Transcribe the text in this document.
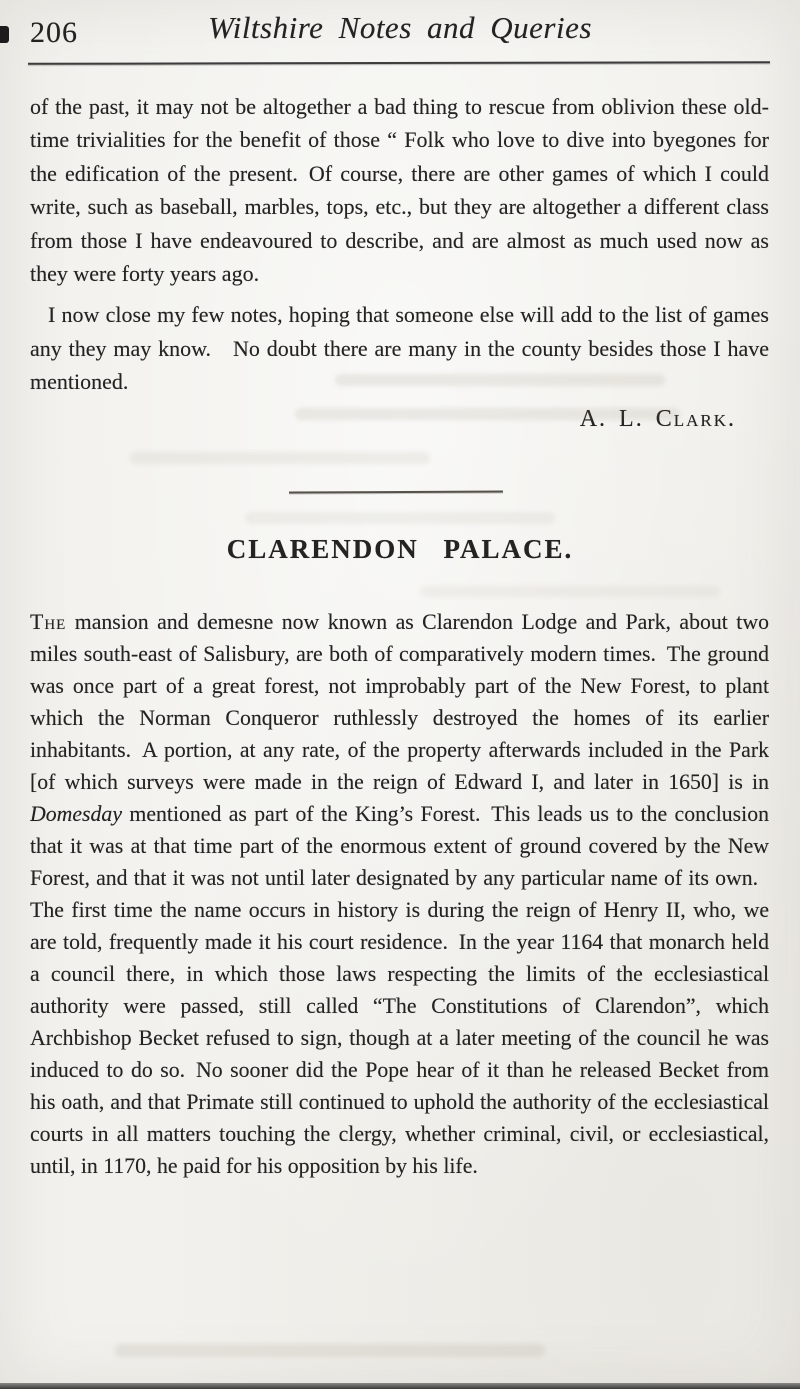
206	Wiltshire Notes and Queries

of the past, it may not be altogether a bad thing to rescue from oblivion these old-time trivialities for the benefit of those “ Folk who love to dive into byegones for the edification of the present. Of course, there are other games of which I could write, such as baseball, marbles, tops, etc., but they are altogether a different class from those I have endeavoured to describe, and are almost as much used now as they were forty years ago.

I now close my few notes, hoping that someone else will add to the list of games any they may know.  No doubt there are many in the county besides those I have mentioned.

A. L. Clark.

CLARENDON PALACE.

The mansion and demesne now known as Clarendon Lodge and Park, about two miles south-east of Salisbury, are both of comparatively modern times. The ground was once part of a great forest, not improbably part of the New Forest, to plant which the Norman Conqueror ruthlessly destroyed the homes of its earlier inhabitants. A portion, at any rate, of the property afterwards included in the Park [of which surveys were made in the reign of Edward I, and later in 1650] is in Domesday mentioned as part of the King’s Forest. This leads us to the conclusion that it was at that time part of the enormous extent of ground covered by the New Forest, and that it was not until later designated by any particular name of its own. The first time the name occurs in history is during the reign of Henry II, who, we are told, frequently made it his court residence. In the year 1164 that monarch held a council there, in which those laws respecting the limits of the ecclesiastical authority were passed, still called “The Constitutions of Clarendon”, which Archbishop Becket refused to sign, though at a later meeting of the council he was induced to do so. No sooner did the Pope hear of it than he released Becket from his oath, and that Primate still continued to uphold the authority of the ecclesiastical courts in all matters touching the clergy, whether criminal, civil, or ecclesiastical, until, in 1170, he paid for his opposition by his life.
